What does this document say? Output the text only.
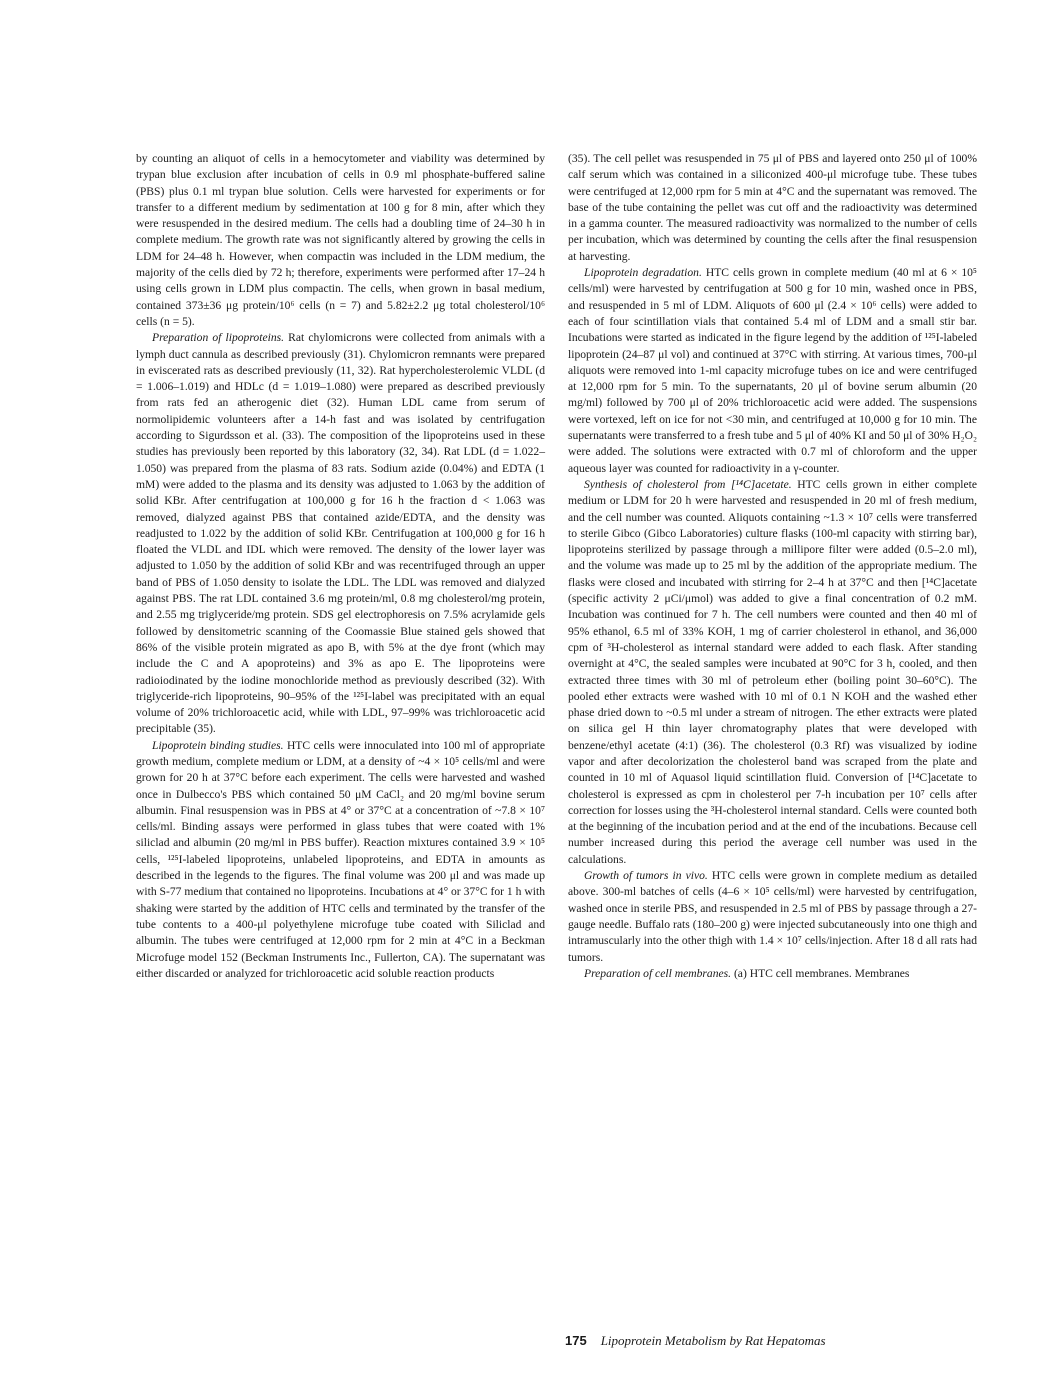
by counting an aliquot of cells in a hemocytometer and viability was determined by trypan blue exclusion after incubation of cells in 0.9 ml phosphate-buffered saline (PBS) plus 0.1 ml trypan blue solution. Cells were harvested for experiments or for transfer to a different medium by sedimentation at 100 g for 8 min, after which they were resuspended in the desired medium. The cells had a doubling time of 24–30 h in complete medium. The growth rate was not significantly altered by growing the cells in LDM for 24–48 h. However, when compactin was included in the LDM medium, the majority of the cells died by 72 h; therefore, experiments were performed after 17–24 h using cells grown in LDM plus compactin. The cells, when grown in basal medium, contained 373±36 μg protein/10⁶ cells (n = 7) and 5.82±2.2 μg total cholesterol/10⁶ cells (n = 5).

Preparation of lipoproteins. Rat chylomicrons were collected from animals with a lymph duct cannula as described previously (31). Chylomicron remnants were prepared in eviscerated rats as described previously (11, 32). Rat hypercholesterolemic VLDL (d = 1.006–1.019) and HDLc (d = 1.019–1.080) were prepared as described previously from rats fed an atherogenic diet (32). Human LDL came from serum of normolipidemic volunteers after a 14-h fast and was isolated by centrifugation according to Sigurdsson et al. (33). The composition of the lipoproteins used in these studies has previously been reported by this laboratory (32, 34). Rat LDL (d = 1.022–1.050) was prepared from the plasma of 83 rats. Sodium azide (0.04%) and EDTA (1 mM) were added to the plasma and its density was adjusted to 1.063 by the addition of solid KBr. After centrifugation at 100,000 g for 16 h the fraction d < 1.063 was removed, dialyzed against PBS that contained azide/EDTA, and the density was readjusted to 1.022 by the addition of solid KBr. Centrifugation at 100,000 g for 16 h floated the VLDL and IDL which were removed. The density of the lower layer was adjusted to 1.050 by the addition of solid KBr and was recentrifuged through an upper band of PBS of 1.050 density to isolate the LDL. The LDL was removed and dialyzed against PBS. The rat LDL contained 3.6 mg protein/ml, 0.8 mg cholesterol/mg protein, and 2.55 mg triglyceride/mg protein. SDS gel electrophoresis on 7.5% acrylamide gels followed by densitometric scanning of the Coomassie Blue stained gels showed that 86% of the visible protein migrated as apo B, with 5% at the dye front (which may include the C and A apoproteins) and 3% as apo E. The lipoproteins were radioiodinated by the iodine monochloride method as previously described (32). With triglyceride-rich lipoproteins, 90–95% of the ¹²⁵I-label was precipitated with an equal volume of 20% trichloroacetic acid, while with LDL, 97–99% was trichloroacetic acid precipitable (35).

Lipoprotein binding studies. HTC cells were innoculated into 100 ml of appropriate growth medium, complete medium or LDM, at a density of ~4 × 10⁵ cells/ml and were grown for 20 h at 37°C before each experiment. The cells were harvested and washed once in Dulbecco's PBS which contained 50 μM CaCl₂ and 20 mg/ml bovine serum albumin. Final resuspension was in PBS at 4° or 37°C at a concentration of ~7.8 × 10⁷ cells/ml. Binding assays were performed in glass tubes that were coated with 1% siliclad and albumin (20 mg/ml in PBS buffer). Reaction mixtures contained 3.9 × 10⁵ cells, ¹²⁵I-labeled lipoproteins, unlabeled lipoproteins, and EDTA in amounts as described in the legends to the figures. The final volume was 200 μl and was made up with S-77 medium that contained no lipoproteins. Incubations at 4° or 37°C for 1 h with shaking were started by the addition of HTC cells and terminated by the transfer of the tube contents to a 400-μl polyethylene microfuge tube coated with Siliclad and albumin. The tubes were centrifuged at 12,000 rpm for 2 min at 4°C in a Beckman Microfuge model 152 (Beckman Instruments Inc., Fullerton, CA). The supernatant was either discarded or analyzed for trichloroacetic acid soluble reaction products

(35). The cell pellet was resuspended in 75 μl of PBS and layered onto 250 μl of 100% calf serum which was contained in a siliconized 400-μl microfuge tube. These tubes were centrifuged at 12,000 rpm for 5 min at 4°C and the supernatant was removed. The base of the tube containing the pellet was cut off and the radioactivity was determined in a gamma counter. The measured radioactivity was normalized to the number of cells per incubation, which was determined by counting the cells after the final resuspension at harvesting.

Lipoprotein degradation. HTC cells grown in complete medium (40 ml at 6 × 10⁵ cells/ml) were harvested by centrifugation at 500 g for 10 min, washed once in PBS, and resuspended in 5 ml of LDM. Aliquots of 600 μl (2.4 × 10⁶ cells) were added to each of four scintillation vials that contained 5.4 ml of LDM and a small stir bar. Incubations were started as indicated in the figure legend by the addition of ¹²⁵I-labeled lipoprotein (24–87 μl vol) and continued at 37°C with stirring. At various times, 700-μl aliquots were removed into 1-ml capacity microfuge tubes on ice and were centrifuged at 12,000 rpm for 5 min. To the supernatants, 20 μl of bovine serum albumin (20 mg/ml) followed by 700 μl of 20% trichloroacetic acid were added. The suspensions were vortexed, left on ice for not <30 min, and centrifuged at 10,000 g for 10 min. The supernatants were transferred to a fresh tube and 5 μl of 40% KI and 50 μl of 30% H₂O₂ were added. The solutions were extracted with 0.7 ml of chloroform and the upper aqueous layer was counted for radioactivity in a γ-counter.

Synthesis of cholesterol from [¹⁴C]acetate. HTC cells grown in either complete medium or LDM for 20 h were harvested and resuspended in 20 ml of fresh medium, and the cell number was counted. Aliquots containing ~1.3 × 10⁷ cells were transferred to sterile Gibco (Gibco Laboratories) culture flasks (100-ml capacity with stirring bar), lipoproteins sterilized by passage through a millipore filter were added (0.5–2.0 ml), and the volume was made up to 25 ml by the addition of the appropriate medium. The flasks were closed and incubated with stirring for 2–4 h at 37°C and then [¹⁴C]acetate (specific activity 2 μCi/μmol) was added to give a final concentration of 0.2 mM. Incubation was continued for 7 h. The cell numbers were counted and then 40 ml of 95% ethanol, 6.5 ml of 33% KOH, 1 mg of carrier cholesterol in ethanol, and 36,000 cpm of ³H-cholesterol as internal standard were added to each flask. After standing overnight at 4°C, the sealed samples were incubated at 90°C for 3 h, cooled, and then extracted three times with 30 ml of petroleum ether (boiling point 30–60°C). The pooled ether extracts were washed with 10 ml of 0.1 N KOH and the washed ether phase dried down to ~0.5 ml under a stream of nitrogen. The ether extracts were plated on silica gel H thin layer chromatography plates that were developed with benzene/ethyl acetate (4:1) (36). The cholesterol (0.3 Rf) was visualized by iodine vapor and after decolorization the cholesterol band was scraped from the plate and counted in 10 ml of Aquasol liquid scintillation fluid. Conversion of [¹⁴C]acetate to cholesterol is expressed as cpm in cholesterol per 7-h incubation per 10⁷ cells after correction for losses using the ³H-cholesterol internal standard. Cells were counted both at the beginning of the incubation period and at the end of the incubations. Because cell number increased during this period the average cell number was used in the calculations.

Growth of tumors in vivo. HTC cells were grown in complete medium as detailed above. 300-ml batches of cells (4–6 × 10⁵ cells/ml) were harvested by centrifugation, washed once in sterile PBS, and resuspended in 2.5 ml of PBS by passage through a 27-gauge needle. Buffalo rats (180–200 g) were injected subcutaneously into one thigh and intramuscularly into the other thigh with 1.4 × 10⁷ cells/injection. After 18 d all rats had tumors.

Preparation of cell membranes. (a) HTC cell membranes. Membranes

175 Lipoprotein Metabolism by Rat Hepatomas
